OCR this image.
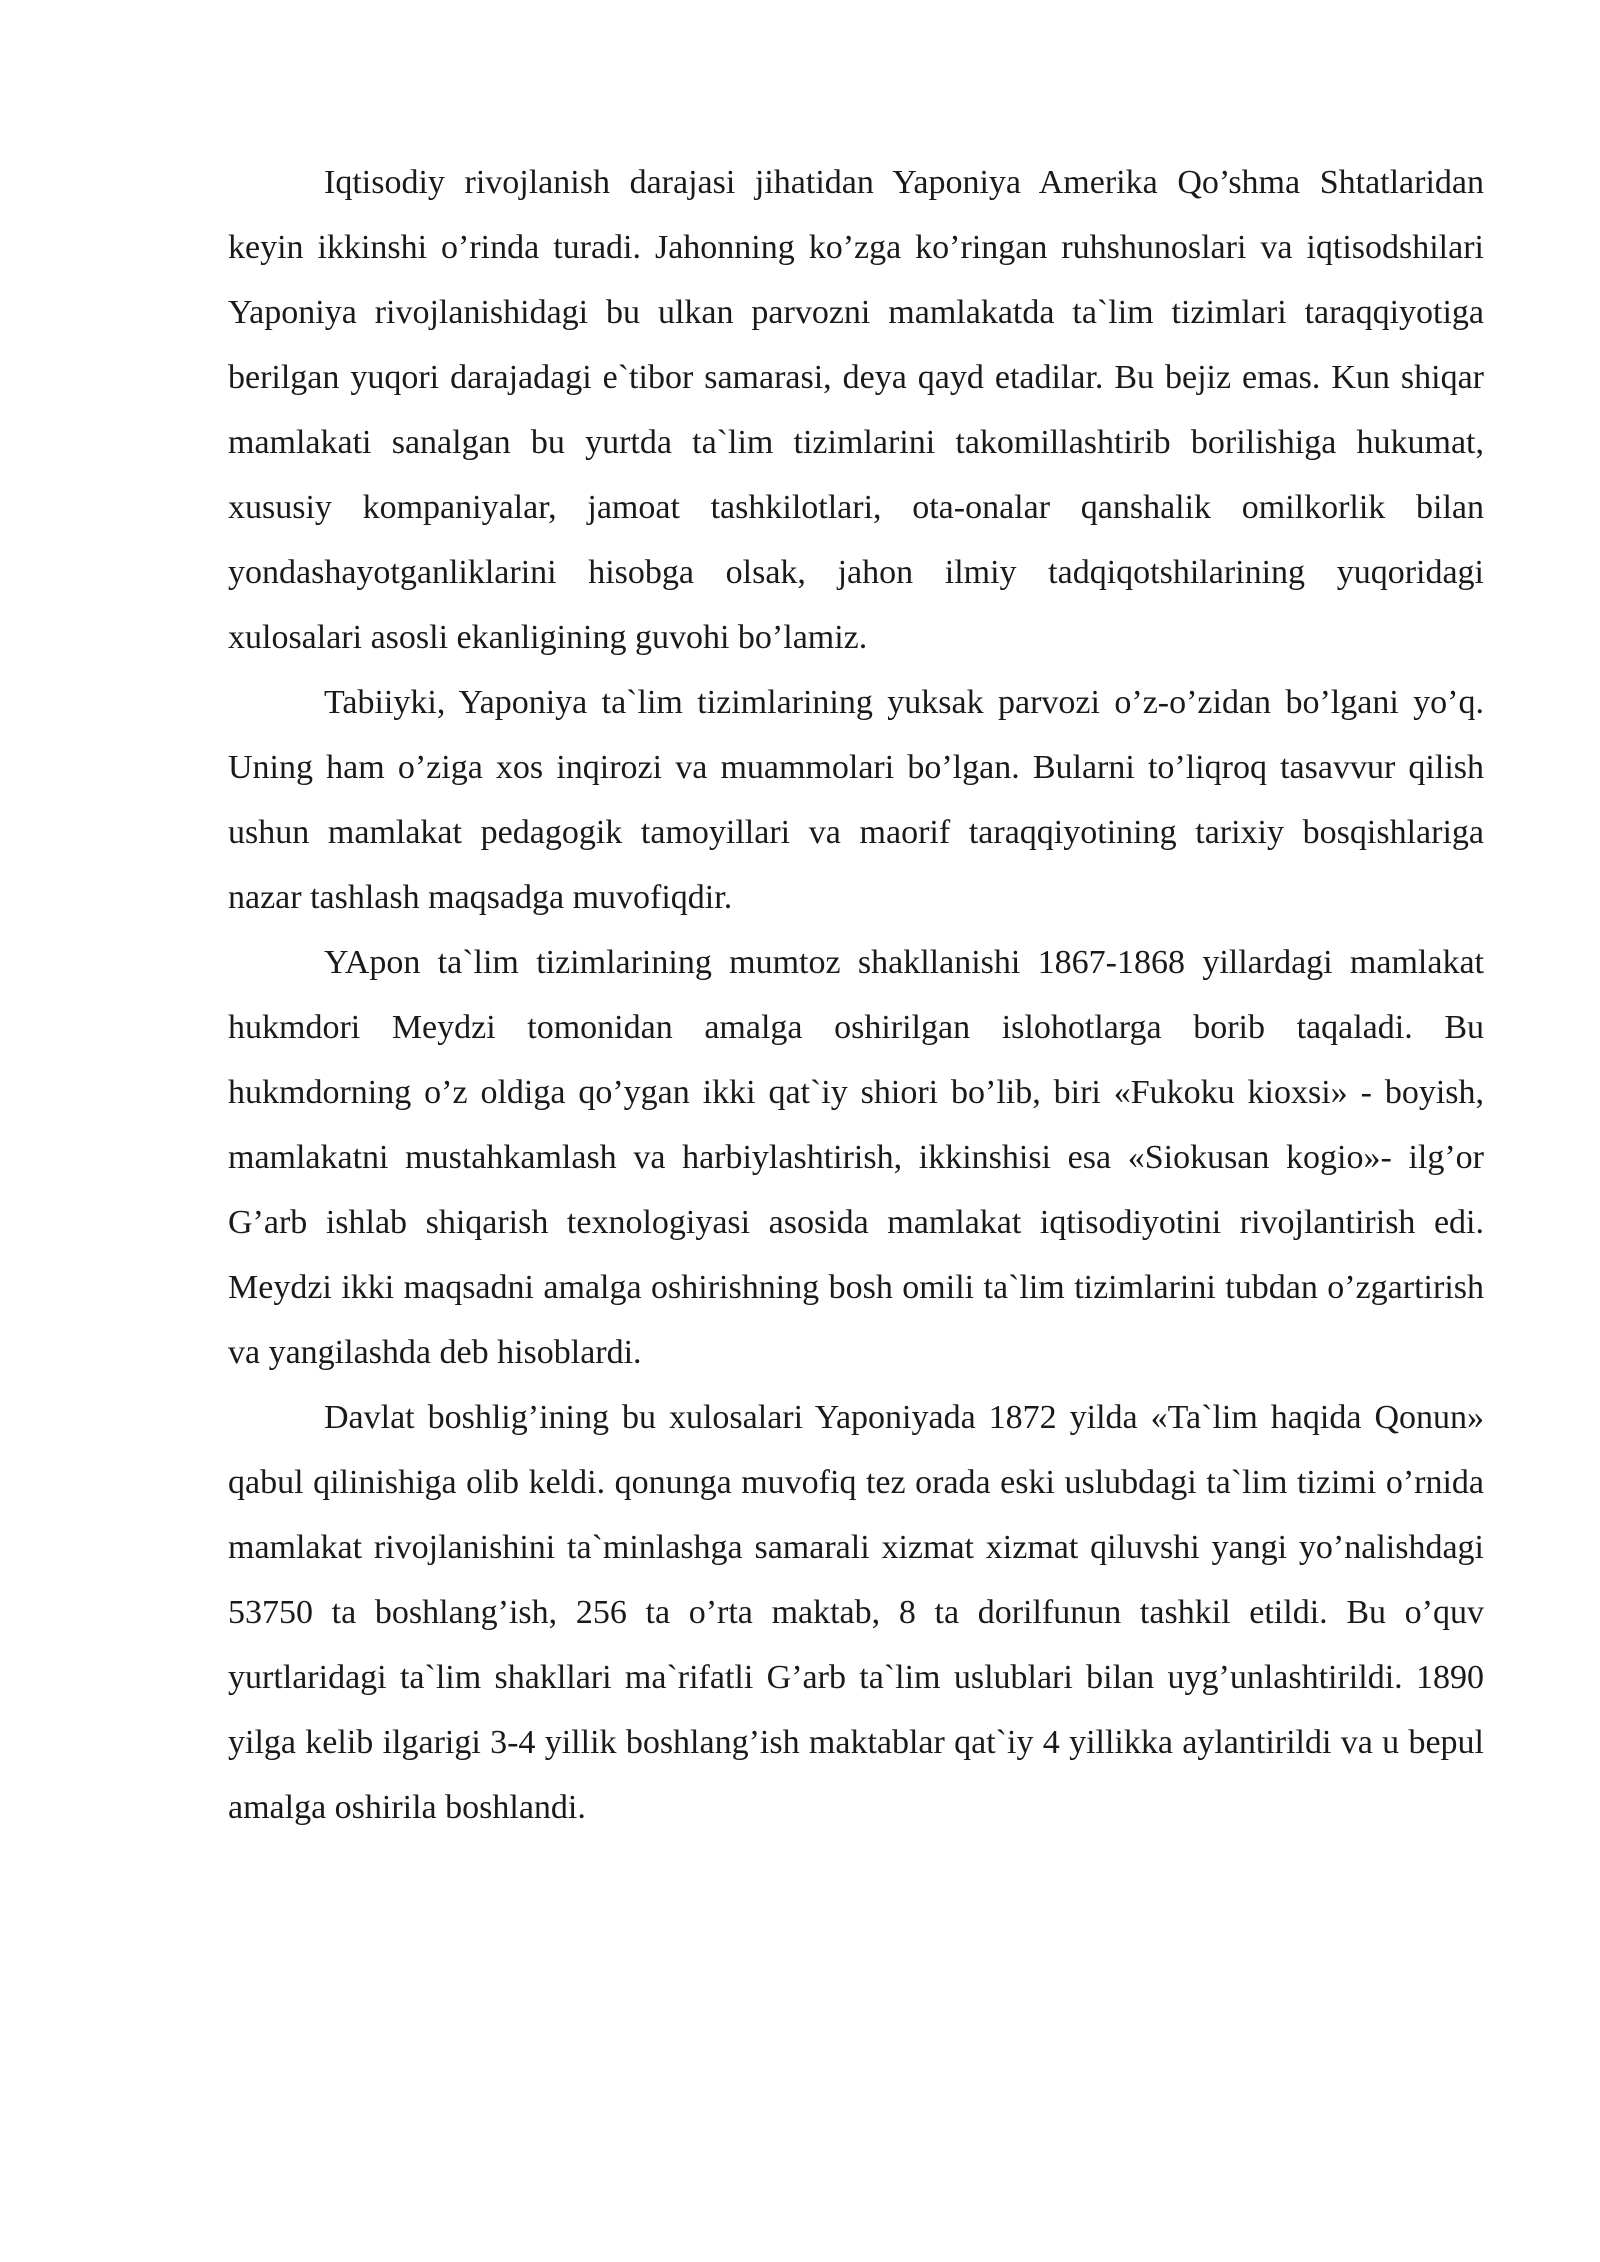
Iqtisodiy rivojlanish darajasi jihatidan Yaponiya Amerika Qo’shma Shtatlaridan keyin ikkinshi o’rinda turadi. Jahonning ko’zga ko’ringan ruhshunoslari va iqtisodshilari Yaponiya rivojlanishidagi bu ulkan parvozni mamlakatda ta`lim tizimlari taraqqiyotiga berilgan yuqori darajadagi e`tibor samarasi, deya qayd etadilar. Bu bejiz emas. Kun shiqar mamlakati sanalgan bu yurtda ta`lim tizimlarini takomillashtirib borilishiga hukumat, xususiy kompaniyalar, jamoat tashkilotlari, ota-onalar qanshalik omilkorlik bilan yondashayotganliklarini hisobga olsak, jahon ilmiy tadqiqotshilarining yuqoridagi xulosalari asosli ekanligining guvohi bo’lamiz.

Tabiiyki, Yaponiya ta`lim tizimlarining yuksak parvozi o’z-o’zidan bo’lgani yo’q. Uning ham o’ziga xos inqirozi va muammolari bo’lgan. Bularni to’liqroq tasavvur qilish ushun mamlakat pedagogik tamoyillari va maorif taraqqiyotining tarixiy bosqishlariga nazar tashlash maqsadga muvofiqdir.

YApon ta`lim tizimlarining mumtoz shakllanishi 1867-1868 yillardagi mamlakat hukmdori Meydzi tomonidan amalga oshirilgan islohotlarga borib taqaladi. Bu hukmdorning o’z oldiga qo’ygan ikki qat`iy shiori bo’lib, biri «Fukoku kioxsi» - boyish, mamlakatni mustahkamlash va harbiylashtirish, ikkinshisi esa «Siokusan kogio»- ilg’or G’arb ishlab shiqarish texnologiyasi asosida mamlakat iqtisodiyotini rivojlantirish edi. Meydzi ikki maqsadni amalga oshirishning bosh omili ta`lim tizimlarini tubdan o’zgartirish va yangilashda deb hisoblardi.

Davlat boshlig’ining bu xulosalari Yaponiyada 1872 yilda «Ta`lim haqida Qonun» qabul qilinishiga olib keldi. qonunga muvofiq tez orada eski uslubdagi ta`lim tizimi o’rnida mamlakat rivojlanishini ta`minlashga samarali xizmat xizmat qiluvshi yangi yo’nalishdagi 53750 ta boshlang’ish, 256 ta o’rta maktab, 8 ta dorilfunun tashkil etildi. Bu o’quv yurtlaridagi ta`lim shakllari ma`rifatli G’arb ta`lim uslublari bilan uyg’unlashtirildi. 1890 yilga kelib ilgarigi 3-4 yillik boshlang’ish maktablar qat`iy 4 yillikka aylantirildi va u bepul amalga oshirila boshlandi.
